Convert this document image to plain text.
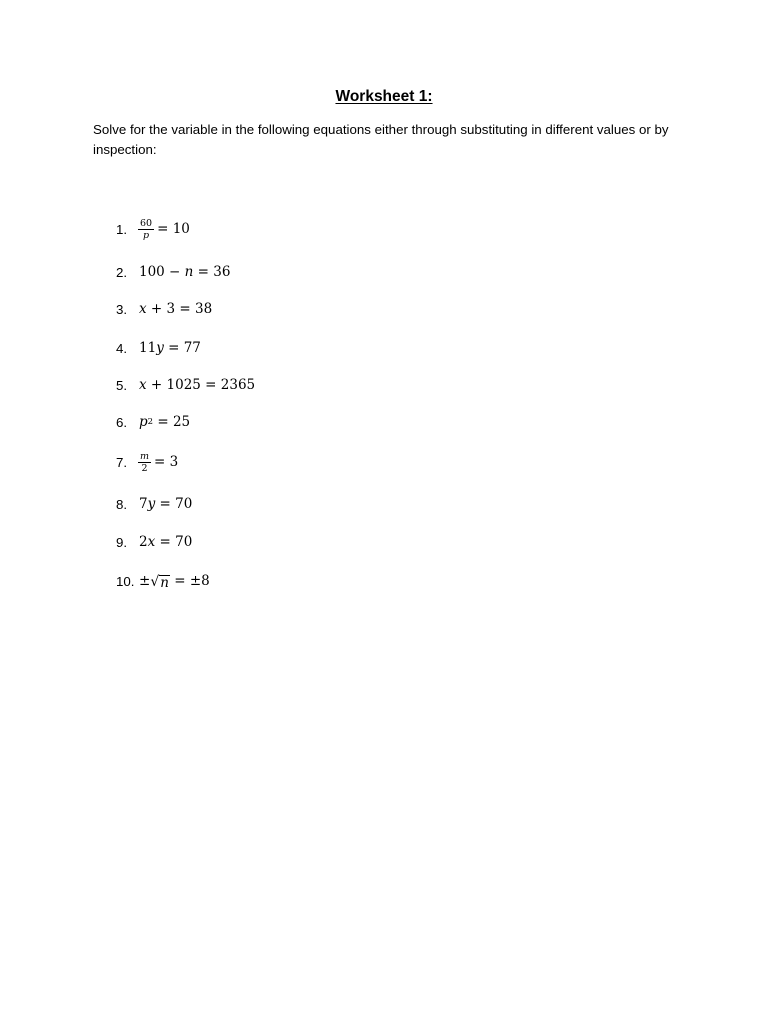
Worksheet 1:
Solve for the variable in the following equations either through substituting in different values or by inspection:
1.	$\frac{60}{p} = 10$
2. 100 − n = 36
3. x + 3 = 38
4. 11 y = 77
5. x + 1025 = 2365
6. p 2 = 25
7.	$\frac{m}{2} = 3$
8. 7 y = 70
9. 2 x = 70
10. ± √ n = ±8
